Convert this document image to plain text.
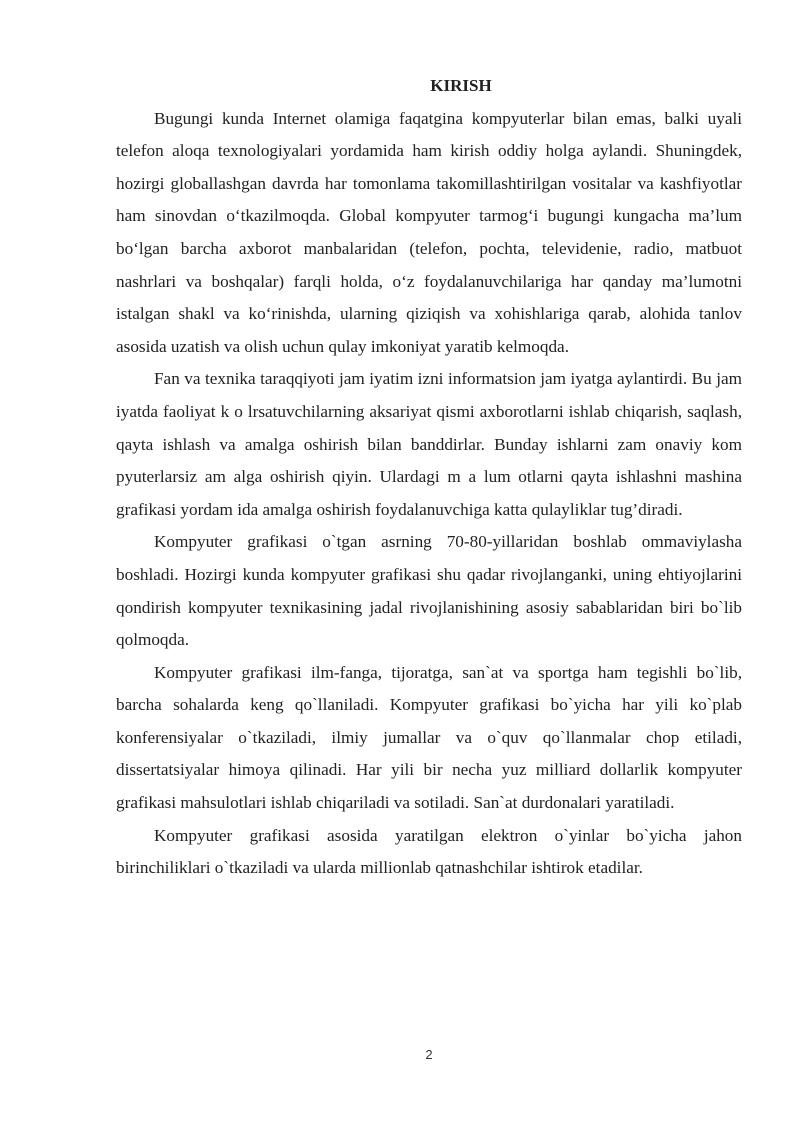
KIRISH

Bugungi kunda Internet olamiga faqatgina kompyuterlar bilan emas, balki uyali telefon aloqa texnologiyalari yordamida ham kirish oddiy holga aylandi. Shuningdek, hozirgi globallashgan davrda har tomonlama takomillashtirilgan vositalar va kashfiyotlar ham sinovdan o‘tkazilmoqda. Global kompyuter tarmog‘i bugungi kungacha ma’lum bo‘lgan barcha axborot manbalaridan (telefon, pochta, televidenie, radio, matbuot nashrlari va boshqalar) farqli holda, o‘z foydalanuvchilariga har qanday ma’lumotni istalgan shakl va ko‘rinishda, ularning qiziqish va xohishlariga qarab, alohida tanlov asosida uzatish va olish uchun qulay imkoniyat yaratib kelmoqda.

Fan va texnika taraqqiyoti jam iyatim izni informatsion jam iyatga aylantirdi. Bu jam iyatda faoliyat k o lrsatuvchilarning aksariyat qismi axborotlarni ishlab chiqarish, saqlash, qayta ishlash va amalga oshirish bilan banddirlar. Bunday ishlarni zam onaviy kom pyuterlarsiz am alga oshirish qiyin. Ulardagi m a lum otlarni qayta ishlashni mashina grafikasi yordam ida amalga oshirish foydalanuvchiga katta qulayliklar tug’diradi.

Kompyuter grafikasi o`tgan asrning 70-80-yillaridan boshlab ommaviylasha boshladi. Hozirgi kunda kompyuter grafikasi shu qadar rivojlanganki, uning ehtiyojlarini qondirish kompyuter texnikasining jadal rivojlanishining asosiy sabablaridan biri bo`lib qolmoqda.

Kompyuter grafikasi ilm-fanga, tijoratga, san`at va sportga ham tegishli bo`lib, barcha sohalarda keng qo`llaniladi. Kompyuter grafikasi bo`yicha har yili ko`plab konferensiyalar o`tkaziladi, ilmiy jumallar va o`quv qo`llanmalar chop etiladi, dissertatsiyalar himoya qilinadi. Har yili bir necha yuz milliard dollarlik kompyuter grafikasi mahsulotlari ishlab chiqariladi va sotiladi. San`at durdonalari yaratiladi.

Kompyuter grafikasi asosida yaratilgan elektron o`yinlar bo`yicha jahon birinchiliklari o`tkaziladi va ularda millionlab qatnashchilar ishtirok etadilar.

2
